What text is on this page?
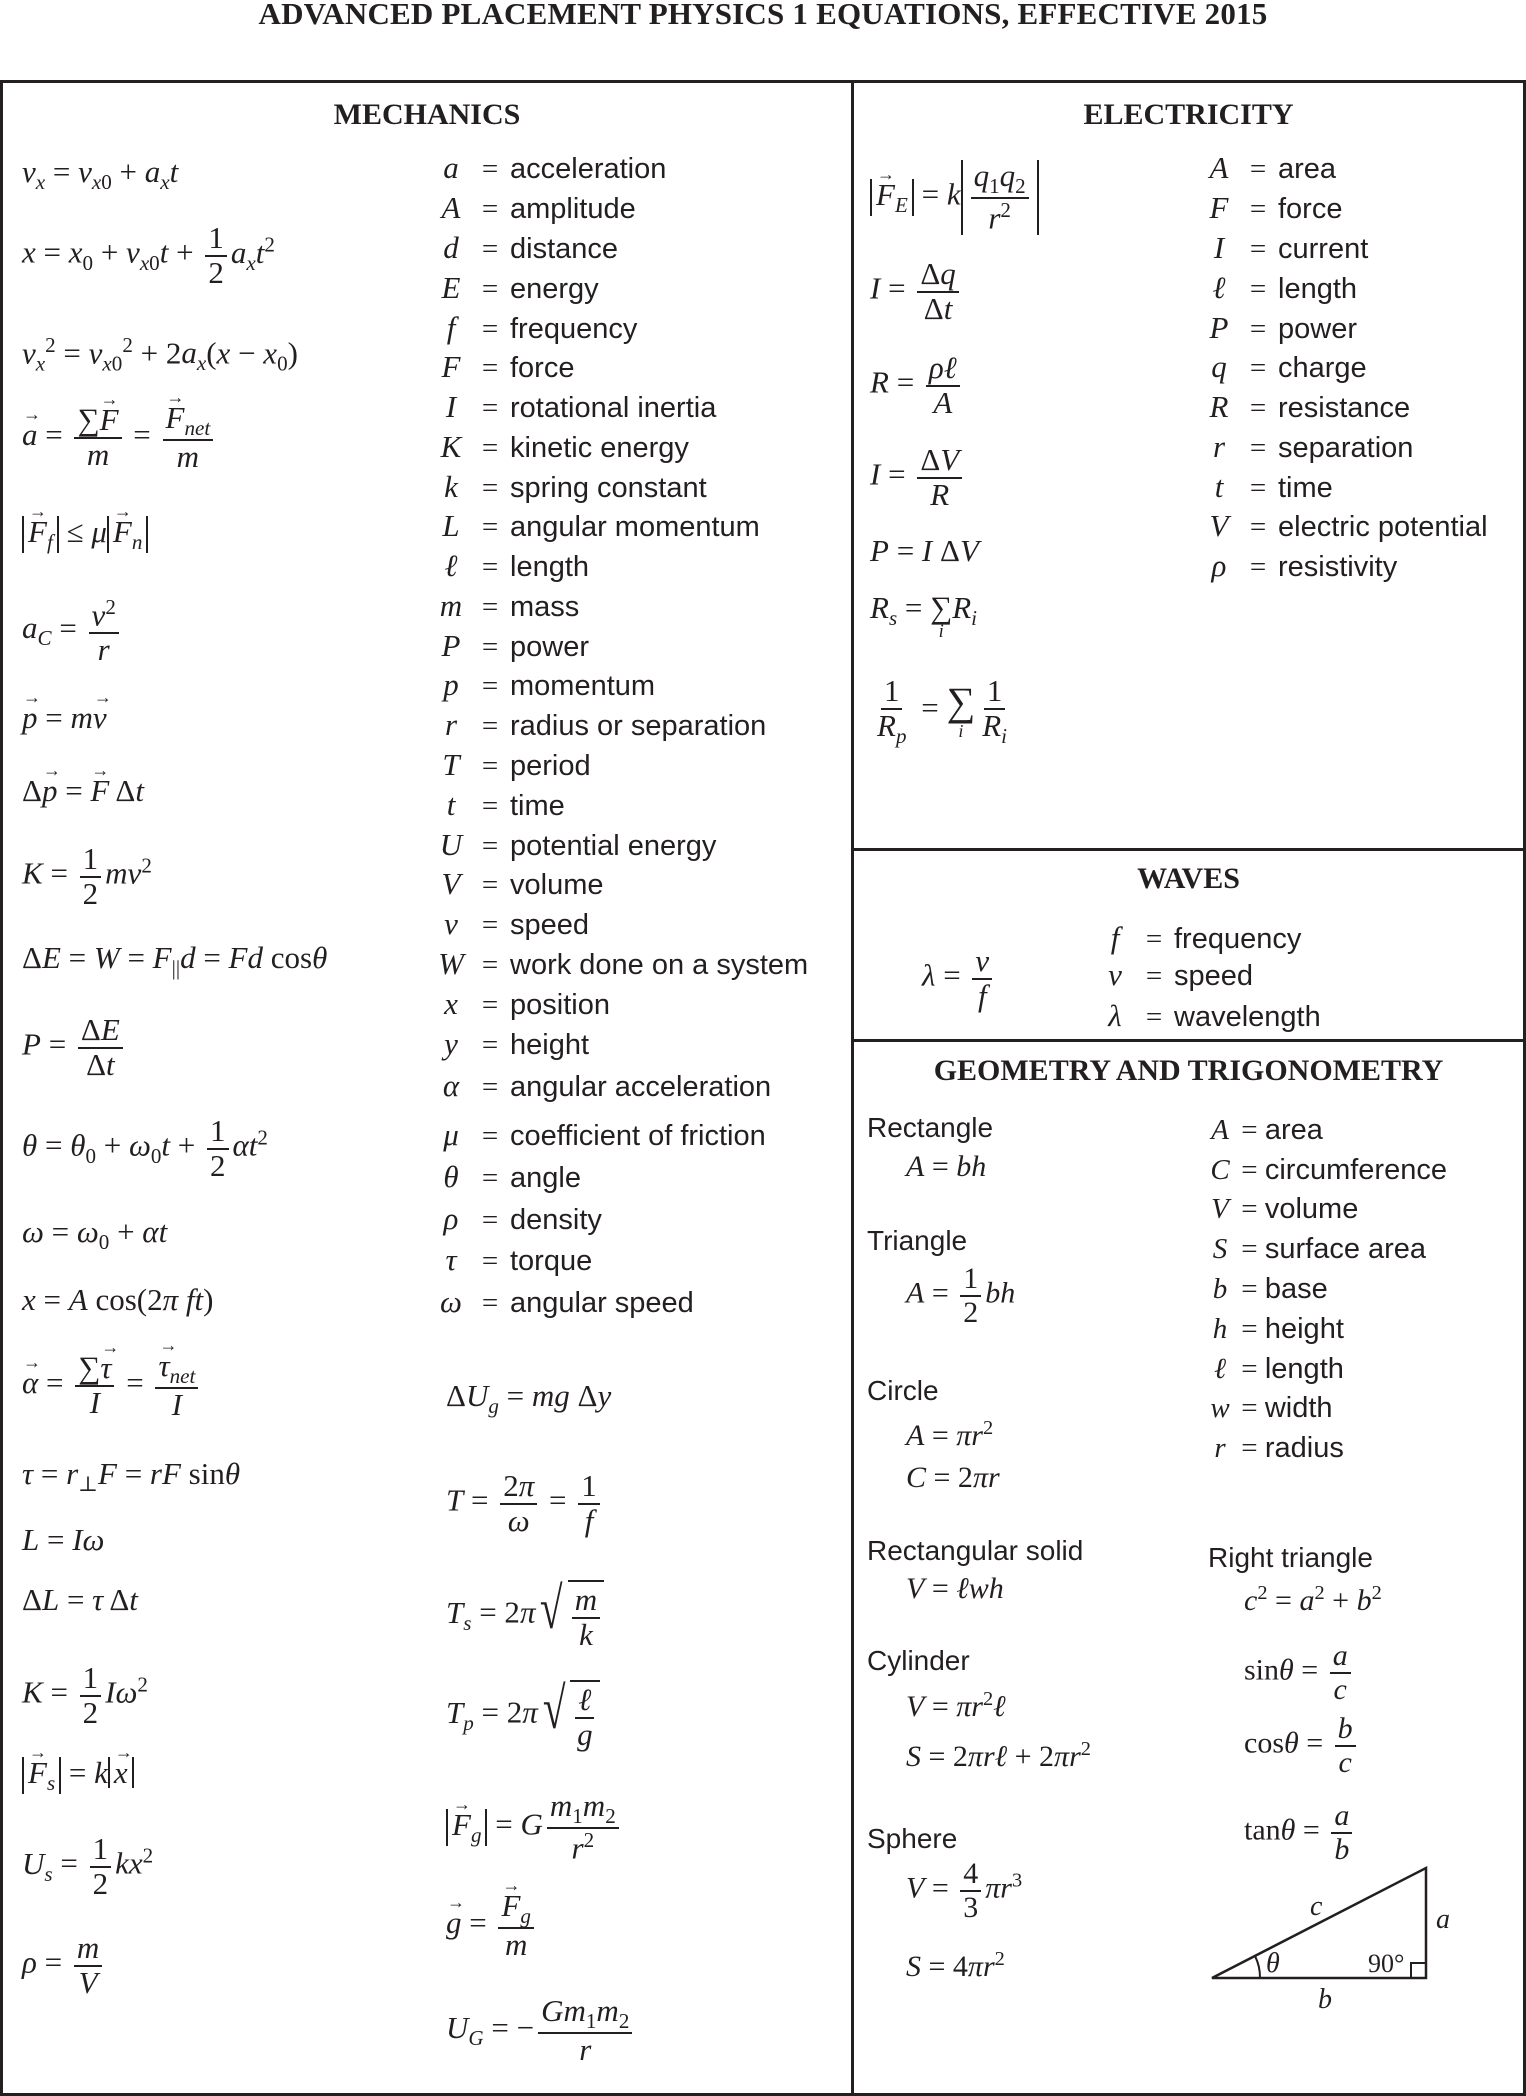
ADVANCED PLACEMENT PHYSICS 1 EQUATIONS, EFFECTIVE 2015
MECHANICS	ELECTRICITY
WAVES
GEOMETRY AND TRIGONOMETRY
$v_x = v_{x0} + a_xt$
$x = x_0 + v_{x0}t + \frac{1}{2} a_xt^2$
$v_x^2 = v_{x0}^2 + 2a_x(x - x_0)$
→ $a = \frac{\sum\to F}{m}$ = → $\frac{F_{net}}{m}$
→ $F_f \le \mu \to F_n$
$a_C = \frac{v^2}{r}$
→ p = m→ v
Δ→ p = → F Δt
$K = \frac{1}{2} mv^2$
$\Delta E = W = F_{||}d = Fd$ cosθ
$P = \frac{\Delta E}{\Delta t}$
$\theta = \theta_0 + \omega_0t + \frac{1}{2} \alpha t^2$
$\omega = \omega_0 + \alpha t$
x = A cos(2π ft)
→ $\alpha = \frac{\sum\to \tau}{I}$ = → $\frac{\tau_{net}}{I}$
$\tau = r_\perp F$ = rF sinθ
L = Iω
ΔL = τ Δt
$K = \frac{1}{2} I\omega^2$
→ $F_s = k \to x$
$U_s = \frac{1}{2} kx^2$
$\rho = \frac{m}{V}$
a = acceleration
A = amplitude
d = distance
E = energy
f = frequency
F = force
I = rotational inertia
K = kinetic energy
k = spring constant
L = angular momentum
ℓ = length
m = mass
P = power
p = momentum
r = radius or separation
T = period
t = time
U = potential energy
V = volume
v = speed
W = work done on a system
x = position
y = height
α = angular acceleration
μ = coefficient of friction
θ = angle
ρ = density
τ = torque
ω = angular speed
$\Delta U_g$ = mg Δy
$T = \frac{2\pi}{\omega} = \frac{1}{f}$
$T_s = 2\pi$ √ $\frac{m}{k}$
$T_p = 2\pi$ √ $\frac{\text{ℓ}}{g}$
→ $F_g = G \frac{m_1m_2}{r^2}$
→ g = → $\frac{F_g}{m}$
$U_G$ = − $\frac{Gm_1m_2}{r}$
→ $F_E = k \frac{q_1q_2}{r^2}$
$I = \frac{\Delta q}{\Delta t}$
$R = \frac{\text{ρℓ}}{A}$
$I = \frac{\Delta V}{R}$
P = I ΔV
$R_s$ = ∑
i
$R_i$
$\frac{1}{R_p}$ = ∑
i $\frac{1}{R_i}$
A = area
F = force
I = current
ℓ = length
P = power
q = charge
R = resistance
r = separation
t = time
V = electric potential
ρ = resistivity
$\lambda = \frac{v}{f}$
f = frequency
v = speed
λ = wavelength
Rectangle
A = bh
Triangle
$A = \frac{1}{2}$ bh
Circle
$A = \pi r^2$
C = 2πr
Rectangular solid
V = ℓwh
Cylinder
$V = \pi r^2\ell$
S = 2πrℓ + $2\pi r^2$
Sphere
$V = \frac{4}{3} \pi r^3$
$S = 4\pi r^2$
A = area
C = circumference
V = volume
S = surface area
b = base
h = height
ℓ = length
w = width
r = radius
Right triangle
$c^2 = a^2 + b^2$
$\sin\theta = \frac{a}{c}$
$\cos\theta = \frac{b}{c}$
$\tan\theta = \frac{a}{b}$
c	a
b
θ	90°
